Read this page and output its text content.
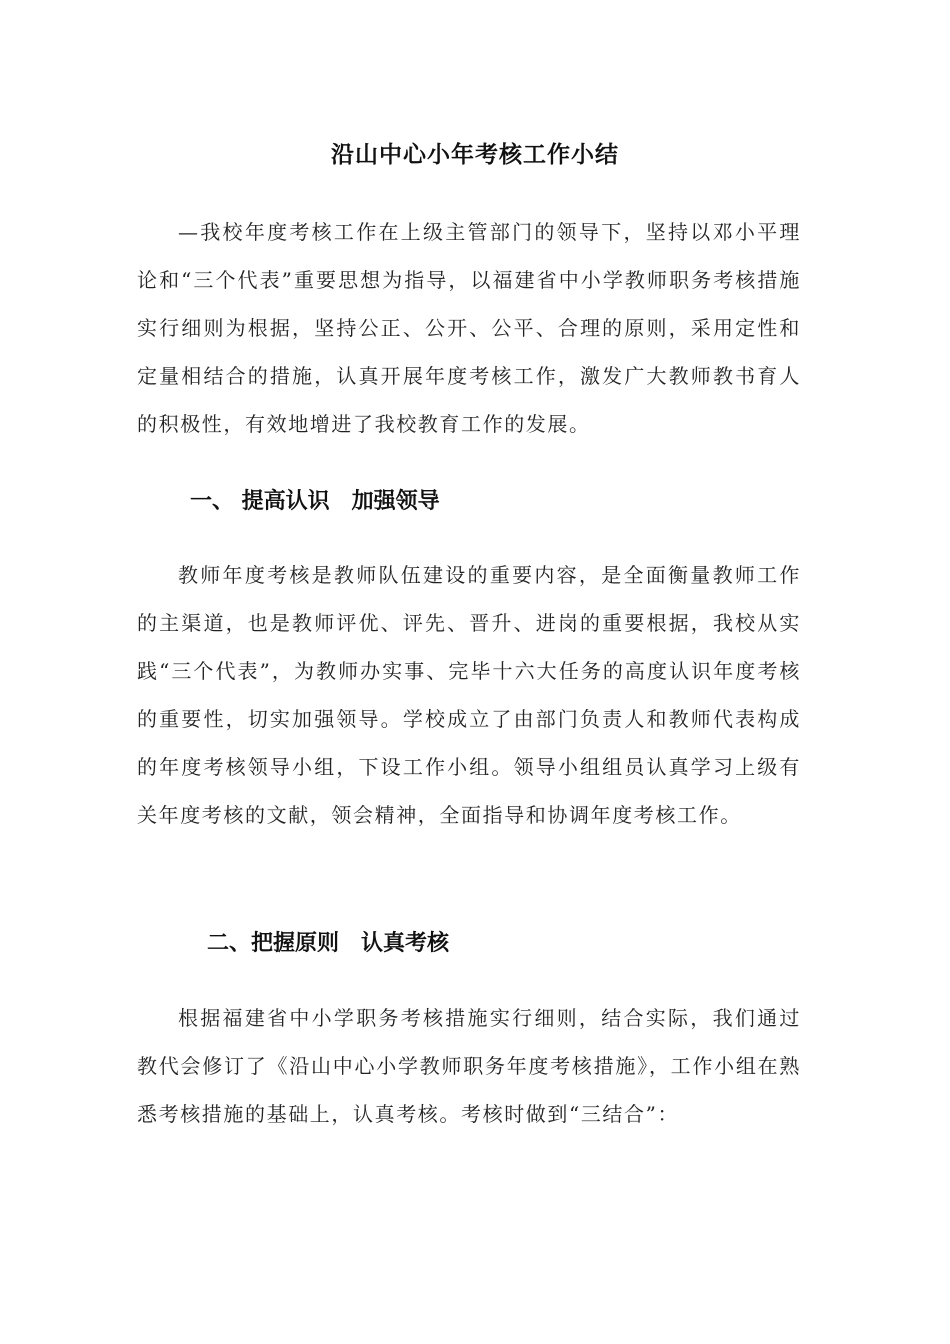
沿山中心小年考核工作小结
—我校年度考核工作在上级主管部门的领导下，坚持以邓小平理论和“三个代表”重要思想为指导，以福建省中小学教师职务考核措施实行细则为根据，坚持公正、公开、公平、合理的原则，采用定性和定量相结合的措施，认真开展年度考核工作，激发广大教师教书育人的积极性，有效地增进了我校教育工作的发展。
一、 提高认识　加强领导
教师年度考核是教师队伍建设的重要内容，是全面衡量教师工作的主渠道，也是教师评优、评先、晋升、进岗的重要根据，我校从实践“三个代表”，为教师办实事、完毕十六大任务的高度认识年度考核的重要性，切实加强领导。学校成立了由部门负责人和教师代表构成的年度考核领导小组，下设工作小组。领导小组组员认真学习上级有关年度考核的文献，领会精神，全面指导和协调年度考核工作。
二、把握原则　认真考核
根据福建省中小学职务考核措施实行细则，结合实际，我们通过教代会修订了《沿山中心小学教师职务年度考核措施》，工作小组在熟悉考核措施的基础上，认真考核。考核时做到“三结合”：
